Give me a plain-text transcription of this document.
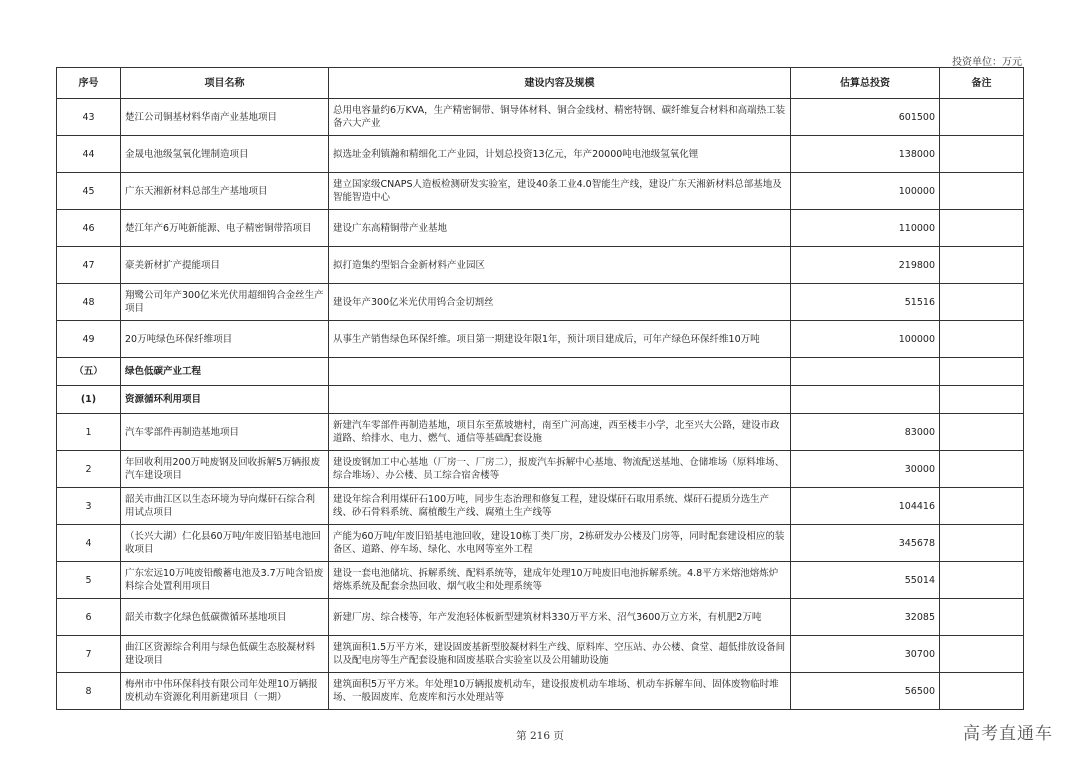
投资单位：万元
序号	项目名称	建设内容及规模	估算总投资	备注
43	楚江公司铜基材料华南产业基地项目	总用电容量约6万KVA，生产精密铜带、铜导体材料、铜合金线材、精密特钢、碳纤维复合材料和高端热工装备六大产业	601500	
44	金晟电池级氢氧化锂制造项目	拟选址金利镇瀚和精细化工产业园，计划总投资13亿元，年产20000吨电池级氢氧化锂	138000	
45	广东天湘新材料总部生产基地项目	建立国家级CNAPS人造板检测研发实验室，建设40条工业4.0智能生产线，建设广东天湘新材料总部基地及智能智造中心	100000	
46	楚江年产6万吨新能源、电子精密铜带箔项目	建设广东高精铜带产业基地	110000	
47	豪美新材扩产提能项目	拟打造集约型铝合金新材料产业园区	219800	
48	翔鹭公司年产300亿米光伏用超细钨合金丝生产项目	建设年产300亿米光伏用钨合金切割丝	51516	
49	20万吨绿色环保纤维项目	从事生产销售绿色环保纤维。项目第一期建设年限1年，预计项目建成后，可年产绿色环保纤维10万吨	100000	
（五）	绿色低碳产业工程			
(1)	资源循环利用项目			
1	汽车零部件再制造基地项目	新建汽车零部件再制造基地，项目东至蕉坡塘村，南至广河高速，西至楼丰小学，北至兴大公路，建设市政道路、给排水、电力、燃气、通信等基础配套设施	83000	
2	年回收利用200万吨废钢及回收拆解5万辆报废汽车建设项目	建设废钢加工中心基地（厂房一、厂房二），报废汽车拆解中心基地、物流配送基地、仓储堆场（原料堆场、综合堆场）、办公楼、员工综合宿舍楼等	30000	
3	韶关市曲江区以生态环境为导向煤矸石综合利用试点项目	建设年综合利用煤矸石100万吨，同步生态治理和修复工程，建设煤矸石取用系统、煤矸石提质分选生产线、砂石骨料系统、腐植酸生产线、腐殖土生产线等	104416	
4	（长兴大湖）仁化县60万吨/年废旧铅基电池回收项目	产能为60万吨/年废旧铅基电池回收，建设10栋丁类厂房，2栋研发办公楼及门房等，同时配套建设相应的装备区、道路、停车场、绿化、水电网等室外工程	345678	
5	广东宏远10万吨废铅酸蓄电池及3.7万吨含铅废料综合处置利用项目	建设一套电池储坑、拆解系统、配料系统等，建成年处理10万吨废旧电池拆解系统。4.8平方米熔池熔炼炉熔炼系统及配套余热回收、烟气收尘和处理系统等	55014	
6	韶关市数字化绿色低碳微循环基地项目	新建厂房、综合楼等，年产发泡轻体板新型建筑材料330万平方米、沼气3600万立方米，有机肥2万吨	32085	
7	曲江区资源综合利用与绿色低碳生态胶凝材料建设项目	建筑面积1.5万平方米，建设固废基新型胶凝材料生产线、原料库、空压站、办公楼、食堂、超低排放设备间以及配电房等生产配套设施和固废基联合实验室以及公用辅助设施	30700	
8	梅州市中伟环保科技有限公司年处理10万辆报废机动车资源化利用新建项目（一期）	建筑面积5万平方米。年处理10万辆报废机动车，建设报废机动车堆场、机动车拆解车间、固体废物临时堆场、一般固废库、危废库和污水处理站等	56500	
第 216 页	高考直通车
